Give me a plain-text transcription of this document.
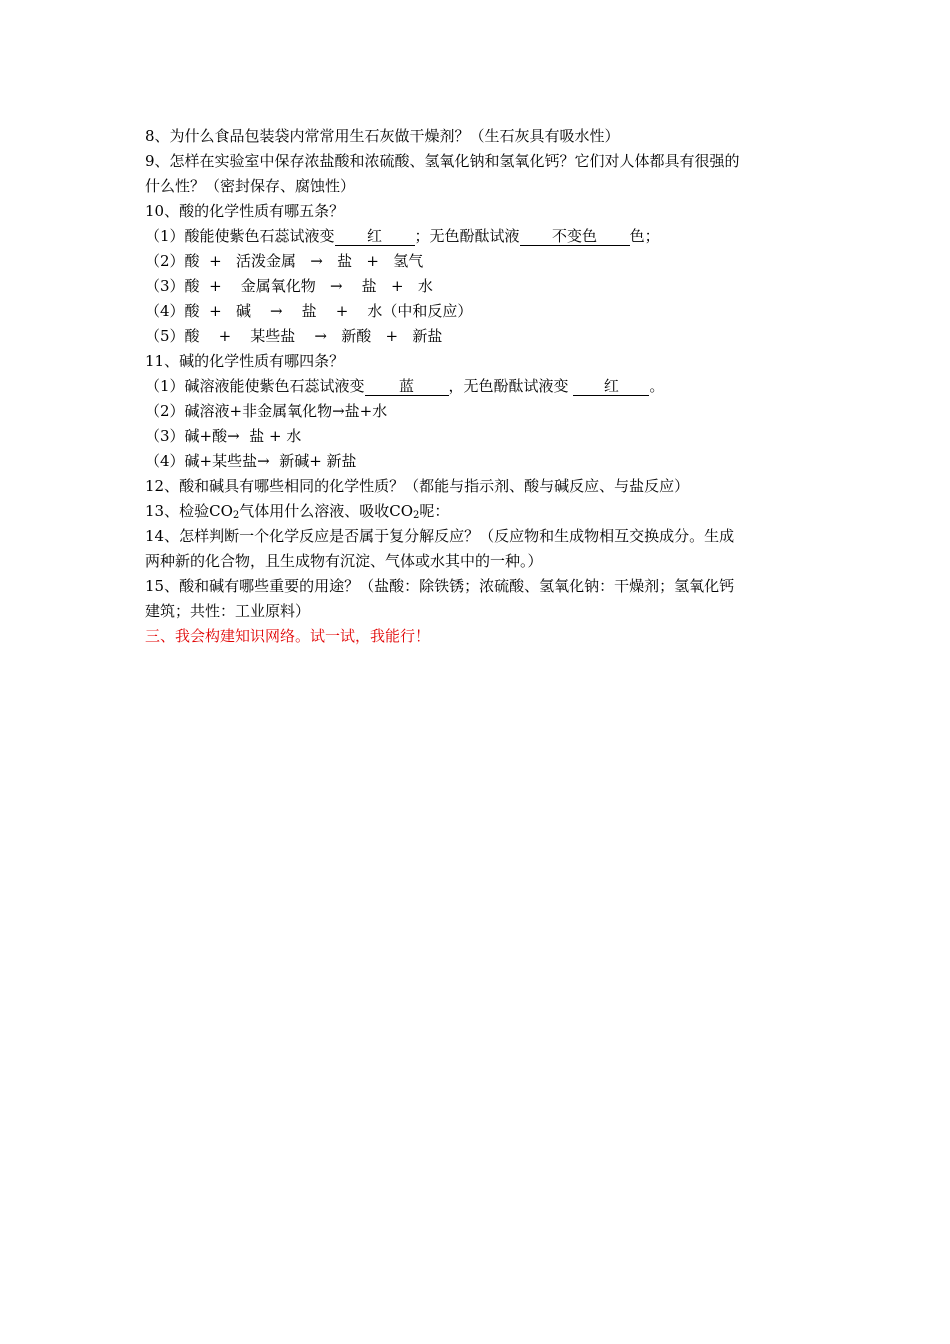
8、为什么食品包装袋内常常用生石灰做干燥剂？（生石灰具有吸水性）
9、怎样在实验室中保存浓盐酸和浓硫酸、氢氧化钠和氢氧化钙？它们对人体都具有很强的
什么性？（密封保存、腐蚀性）
10、酸的化学性质有哪五条？
（1）酸能使紫色石蕊试液变 红 ；无色酚酞试液 不变色 色；
（2）酸  +   活泼金属   →   盐   +   氢气
（3）酸  +    金属氧化物   →    盐   +   水
（4）酸  +   碱    →    盐    +    水（中和反应）
（5）酸    +    某些盐    →   新酸   +   新盐
11、碱的化学性质有哪四条？
（1）碱溶液能使紫色石蕊试液变 蓝 ，无色酚酞试液变 红 。
（2）碱溶液+非金属氧化物→盐+水
（3）碱+酸→  盐 + 水
（4）碱+某些盐→  新碱+ 新盐
12、酸和碱具有哪些相同的化学性质？（都能与指示剂、酸与碱反应、与盐反应）
13、检验$CO_2$气体用什么溶液、吸收$CO_2$呢：
14、怎样判断一个化学反应是否属于复分解反应？（反应物和生成物相互交换成分。生成
两种新的化合物，且生成物有沉淀、气体或水其中的一种。）
15、酸和碱有哪些重要的用途？（盐酸：除铁锈；浓硫酸、氢氧化钠：干燥剂；氢氧化钙
建筑；共性：工业原料）
三、我会构建知识网络。试一试，我能行！
